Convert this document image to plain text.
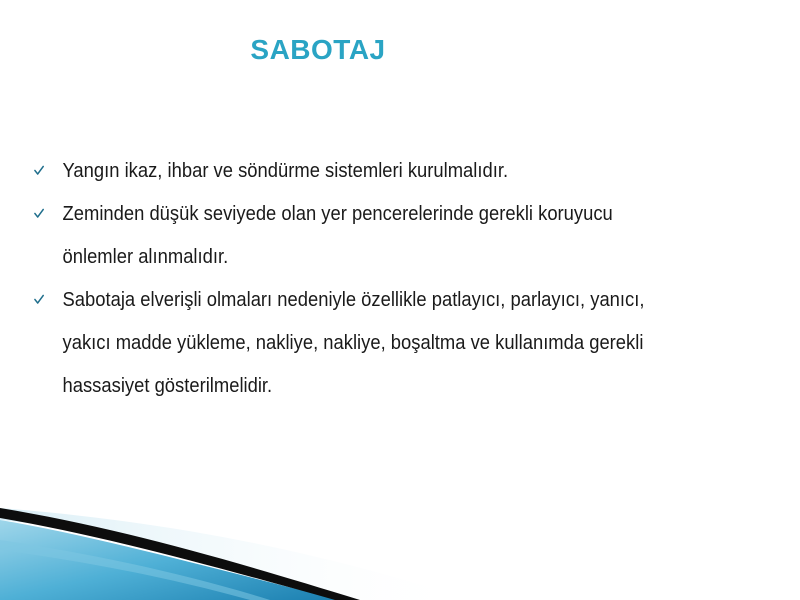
SABOTAJ
Yangın ikaz, ihbar ve söndürme sistemleri kurulmalıdır.
Zeminden düşük seviyede olan yer pencerelerinde gerekli koruyucu önlemler alınmalıdır.
Sabotaja elverişli olmaları nedeniyle özellikle patlayıcı, parlayıcı, yanıcı, yakıcı madde yükleme, nakliye, nakliye, boşaltma ve kullanımda gerekli hassasiyet gösterilmelidir.
